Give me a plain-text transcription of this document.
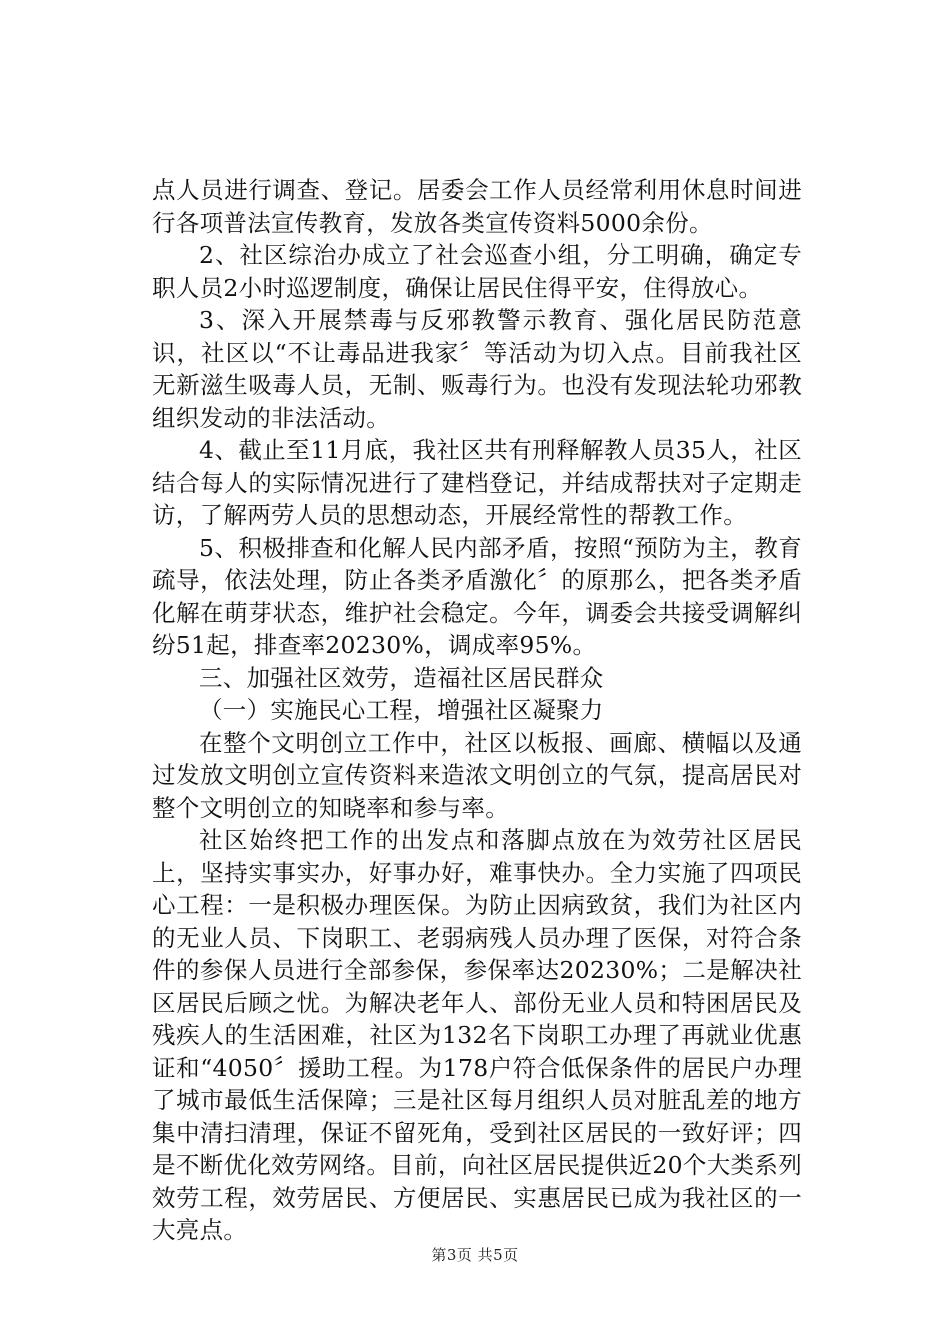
点人员进行调查、登记。居委会工作人员经常利用休息时间进行各项普法宣传教育，发放各类宣传资料5000余份。

2、社区综治办成立了社会巡查小组，分工明确，确定专职人员2小时巡逻制度，确保让居民住得平安，住得放心。

3、深入开展禁毒与反邪教警示教育、强化居民防范意识，社区以“不让毒品进我家〞等活动为切入点。目前我社区无新滋生吸毒人员，无制、贩毒行为。也没有发现法轮功邪教组织发动的非法活动。

4、截止至11月底，我社区共有刑释解教人员35人，社区结合每人的实际情况进行了建档登记，并结成帮扶对子定期走访，了解两劳人员的思想动态，开展经常性的帮教工作。

5、积极排查和化解人民内部矛盾，按照“预防为主，教育疏导，依法处理，防止各类矛盾激化〞的原那么，把各类矛盾化解在萌芽状态，维护社会稳定。今年，调委会共接受调解纠纷51起，排查率20230%，调成率95%。

三、加强社区效劳，造福社区居民群众

（一）实施民心工程，增强社区凝聚力

在整个文明创立工作中，社区以板报、画廊、横幅以及通过发放文明创立宣传资料来造浓文明创立的气氛，提高居民对整个文明创立的知晓率和参与率。

社区始终把工作的出发点和落脚点放在为效劳社区居民上，坚持实事实办，好事办好，难事快办。全力实施了四项民心工程：一是积极办理医保。为防止因病致贫，我们为社区内的无业人员、下岗职工、老弱病残人员办理了医保，对符合条件的参保人员进行全部参保，参保率达20230%；二是解决社区居民后顾之忧。为解决老年人、部份无业人员和特困居民及残疾人的生活困难，社区为132名下岗职工办理了再就业优惠证和“4050〞援助工程。为178户符合低保条件的居民户办理了城市最低生活保障；三是社区每月组织人员对脏乱差的地方集中清扫清理，保证不留死角，受到社区居民的一致好评；四是不断优化效劳网络。目前，向社区居民提供近20个大类系列效劳工程，效劳居民、方便居民、实惠居民已成为我社区的一大亮点。

第3页 共5页
